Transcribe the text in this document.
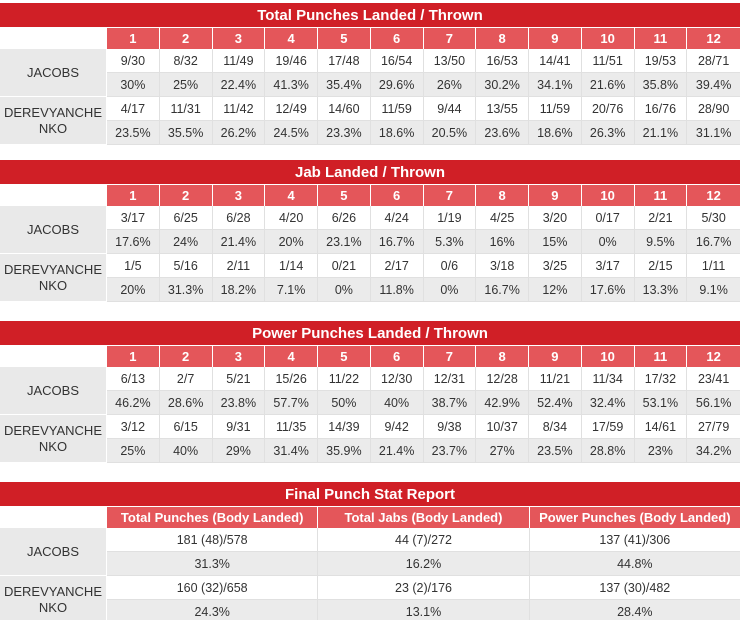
Total Punches Landed / Thrown
1	2	3	4	5	6	7	8	9	10	11	12
JACOBS
9/30	8/32	11/49	19/46	17/48	16/54	13/50	16/53	14/41	11/51	19/53	28/71
30%	25%	22.4%	41.3%	35.4%	29.6%	26%	30.2%	34.1%	21.6%	35.8%	39.4%
DEREVYANCHENKO
4/17	11/31	11/42	12/49	14/60	11/59	9/44	13/55	11/59	20/76	16/76	28/90
23.5%	35.5%	26.2%	24.5%	23.3%	18.6%	20.5%	23.6%	18.6%	26.3%	21.1%	31.1%
Jab Landed / Thrown
1	2	3	4	5	6	7	8	9	10	11	12
JACOBS
3/17	6/25	6/28	4/20	6/26	4/24	1/19	4/25	3/20	0/17	2/21	5/30
17.6%	24%	21.4%	20%	23.1%	16.7%	5.3%	16%	15%	0%	9.5%	16.7%
DEREVYANCHENKO
1/5	5/16	2/11	1/14	0/21	2/17	0/6	3/18	3/25	3/17	2/15	1/11
20%	31.3%	18.2%	7.1%	0%	11.8%	0%	16.7%	12%	17.6%	13.3%	9.1%
Power Punches Landed / Thrown
1	2	3	4	5	6	7	8	9	10	11	12
JACOBS
6/13	2/7	5/21	15/26	11/22	12/30	12/31	12/28	11/21	11/34	17/32	23/41
46.2%	28.6%	23.8%	57.7%	50%	40%	38.7%	42.9%	52.4%	32.4%	53.1%	56.1%
DEREVYANCHENKO
3/12	6/15	9/31	11/35	14/39	9/42	9/38	10/37	8/34	17/59	14/61	27/79
25%	40%	29%	31.4%	35.9%	21.4%	23.7%	27%	23.5%	28.8%	23%	34.2%
Final Punch Stat Report
Total Punches (Body Landed)	Total Jabs (Body Landed)	Power Punches (Body Landed)
JACOBS
181 (48)/578	44 (7)/272	137 (41)/306
31.3%	16.2%	44.8%
DEREVYANCHENKO
160 (32)/658	23 (2)/176	137 (30)/482
24.3%	13.1%	28.4%
